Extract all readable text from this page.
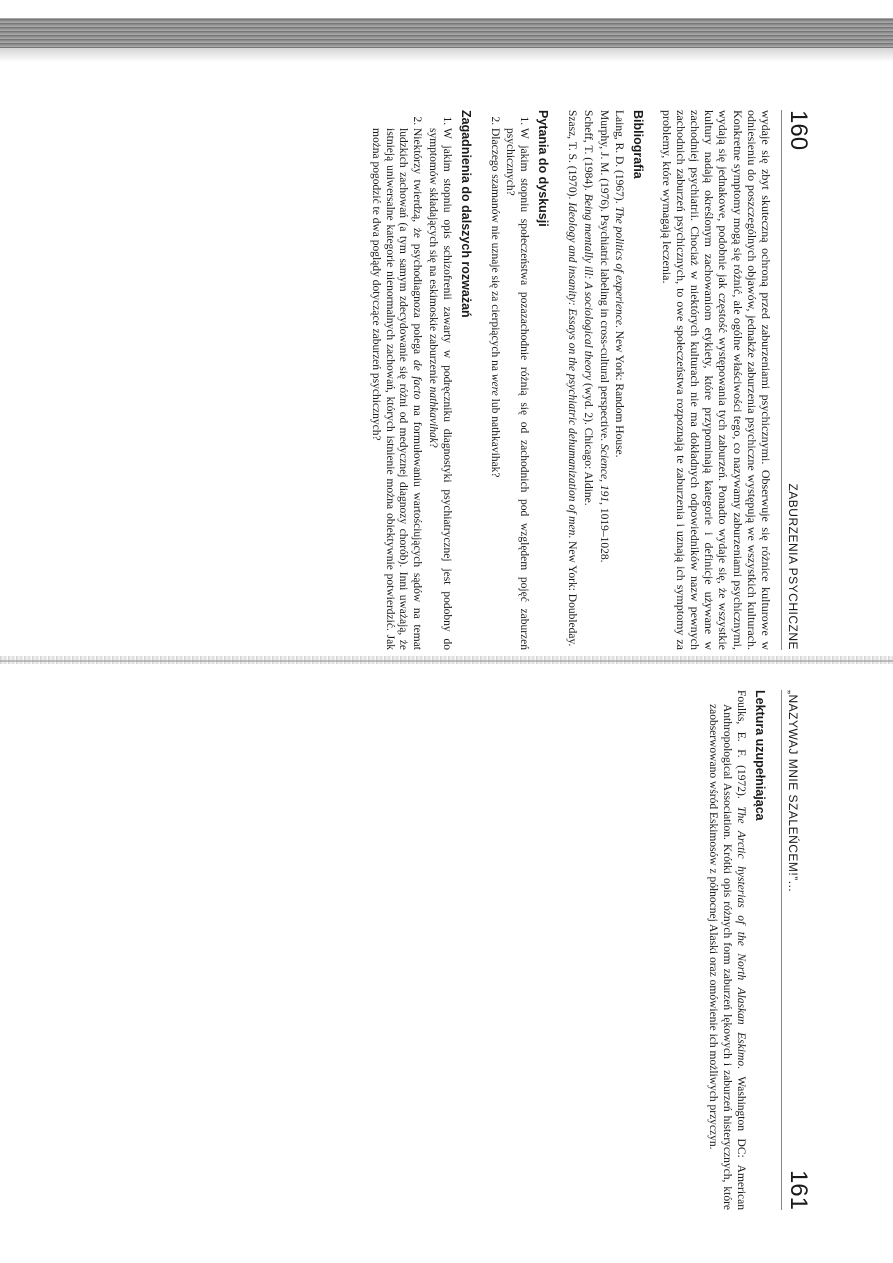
160
ZABURZENIA PSYCHICZNE

wydaje się zbyt skuteczną ochroną przed zaburzeniami psychicznymi. Obserwuje się różnice kulturowe w odniesieniu do poszczególnych objawów, jednakże zaburzenia psychiczne występują we wszystkich kulturach. Konkretne symptomy mogą się różnić, ale ogólne właściwości tego, co nazywamy zaburzeniami psychicznymi, wydają się jednakowe, podobnie jak częstość występowania tych zaburzeń. Ponadto wydaje się, że wszystkie kultury nadają określonym zachowaniom etykiety, które przypominają kategorie i definicje używane w zachodniej psychiatrii. Chociaż w niektórych kulturach nie ma dokładnych odpowiedników nazw pewnych zachodnich zaburzeń psychicznych, to owe społeczeństwa rozpoznają te zaburzenia i uznają ich symptomy za problemy, które wymagają leczenia.

Bibliografia
Laing, R. D. (1967). The politics of experience. New York: Random House.
Murphy, J. M. (1976). Psychiatric labeling in cross-cultural perspective. Science, 191, 1019–1028.
Scheff, T. (1984). Being mentally ill: A sociological theory (wyd. 2). Chicago: Aldine.
Szasz, T. S. (1970). Ideology and insanity: Essays on the psychiatric dehumanization of men. New York: Doubleday.
Pytania do dyskusji
1. W jakim stopniu społeczeństwa pozazachodnie różnią się od zachodnich pod względem pojęć zaburzeń psychicznych?
2. Dlaczego szamanów nie uznaje się za cierpiących na were lub nathkavihak?
Zagadnienia do dalszych rozważań
1. W jakim stopniu opis schizofrenii zawarty w podręczniku diagnostyki psychiatrycznej jest podobny do symptomów składających się na eskimoskie zaburzenie nathkavihak?
2. Niektórzy twierdzą, że psychodiagnoza polega de facto na formułowaniu wartościujących sądów na temat ludzkich zachowań (a tym samym zdecydowanie się różni od medycznej diagnozy chorób). Inni uważają, że istnieją uniwersalne kategorie nienormalnych zachowań, których istnienie można obiektywnie potwierdzić. Jak można pogodzić te dwa poglądy dotyczące zaburzeń psychicznych?
„NAZYWAJ MNIE SZALEŃCEM!”...
161
Lektura uzupełniająca
Foulks, E. F. (1972). The Arctic hysterias of the North Alaskan Eskimo. Washington DC: American Anthropological Association. Krótki opis różnych form zaburzeń lękowych i zaburzeń histerycznych, które zaobserwowano wśród Eskimosów z północnej Alaski oraz omówienie ich możliwych przyczyn.
